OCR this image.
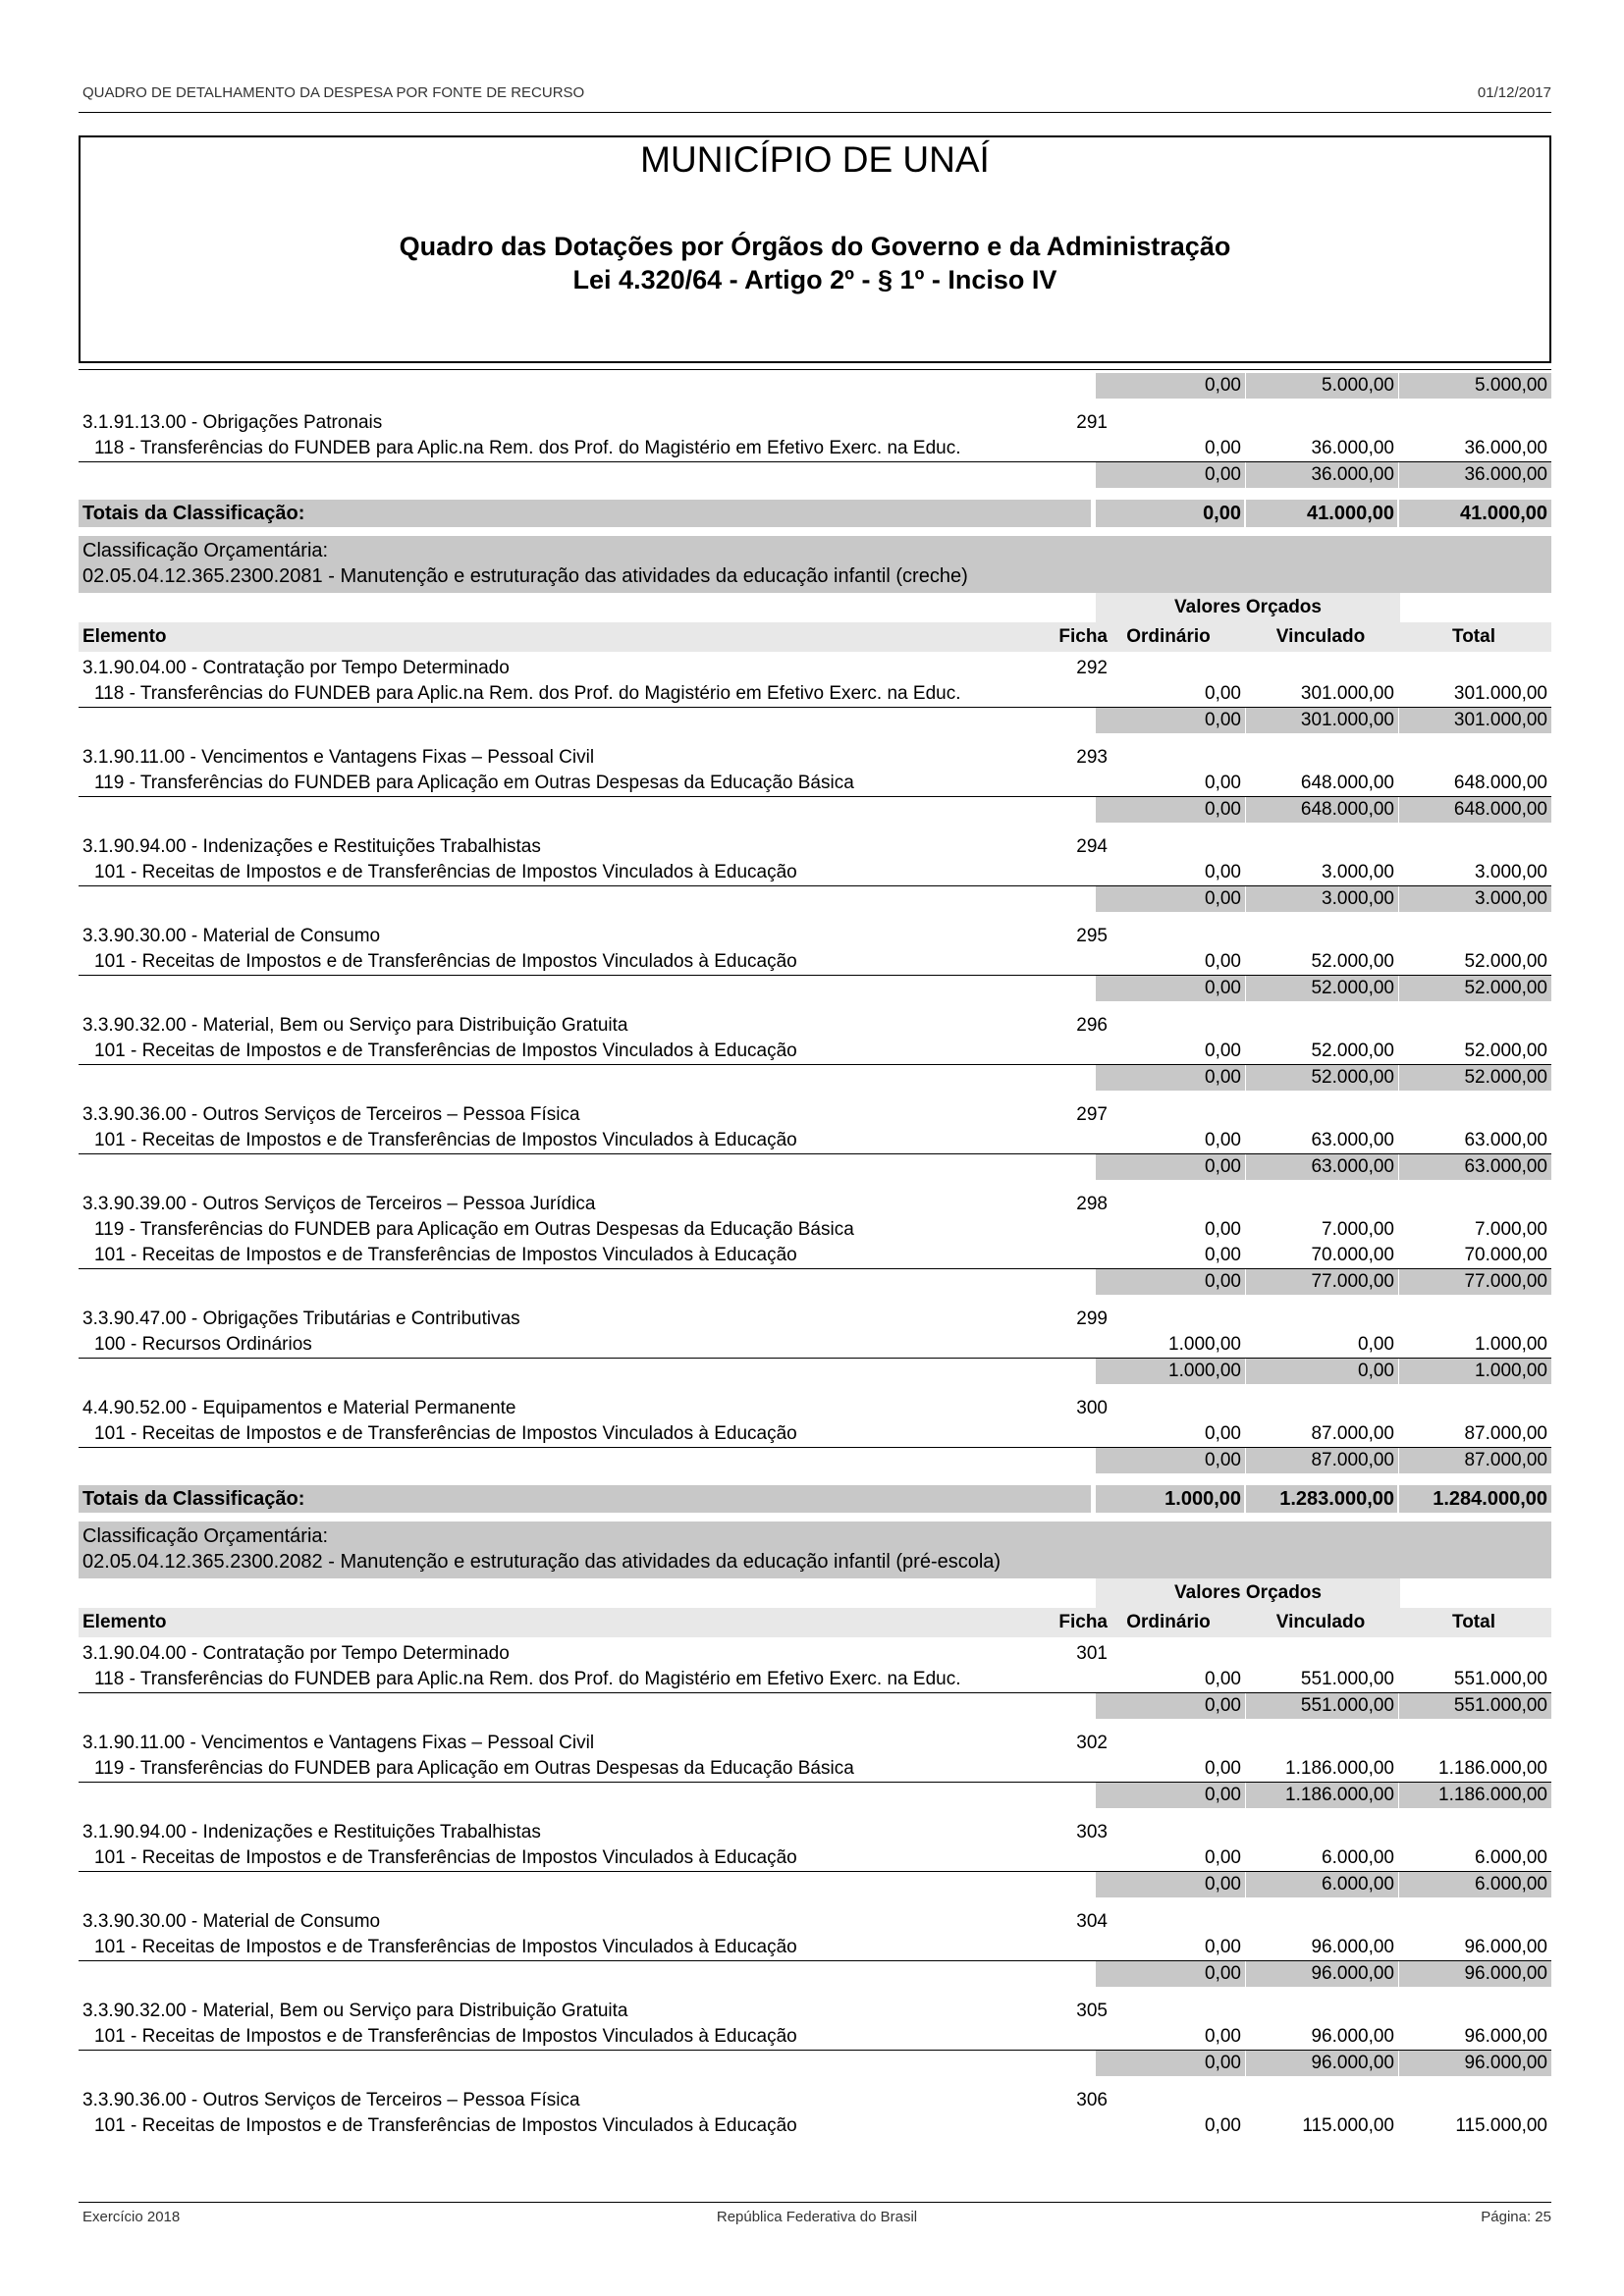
QUADRO DE DETALHAMENTO DA DESPESA POR FONTE DE RECURSO	01/12/2017
MUNICÍPIO DE UNAÍ
Quadro das Dotações por Órgãos do Governo e da Administração
Lei 4.320/64 - Artigo 2º - § 1º - Inciso IV
0,00	5.000,00	5.000,00
3.1.91.13.00 - Obrigações Patronais	291
118 - Transferências do FUNDEB para Aplic.na Rem. dos Prof. do Magistério em Efetivo Exerc. na Educ.	0,00	36.000,00	36.000,00
0,00	36.000,00	36.000,00
Totais da Classificação:	0,00	41.000,00	41.000,00
Classificação Orçamentária:
02.05.04.12.365.2300.2081 - Manutenção e estruturação das atividades da educação infantil (creche)
Valores Orçados
Elemento	Ficha	Ordinário	Vinculado	Total
3.1.90.04.00 - Contratação por Tempo Determinado	292
118 - Transferências do FUNDEB para Aplic.na Rem. dos Prof. do Magistério em Efetivo Exerc. na Educ.	0,00	301.000,00	301.000,00
0,00	301.000,00	301.000,00
3.1.90.11.00 - Vencimentos e Vantagens Fixas – Pessoal Civil	293
119 - Transferências do FUNDEB para Aplicação em Outras Despesas da Educação Básica	0,00	648.000,00	648.000,00
0,00	648.000,00	648.000,00
3.1.90.94.00 - Indenizações e Restituições Trabalhistas	294
101 - Receitas de Impostos e de Transferências de Impostos Vinculados à Educação	0,00	3.000,00	3.000,00
0,00	3.000,00	3.000,00
3.3.90.30.00 - Material de Consumo	295
101 - Receitas de Impostos e de Transferências de Impostos Vinculados à Educação	0,00	52.000,00	52.000,00
0,00	52.000,00	52.000,00
3.3.90.32.00 - Material, Bem ou Serviço para Distribuição Gratuita	296
101 - Receitas de Impostos e de Transferências de Impostos Vinculados à Educação	0,00	52.000,00	52.000,00
0,00	52.000,00	52.000,00
3.3.90.36.00 - Outros Serviços de Terceiros – Pessoa Física	297
101 - Receitas de Impostos e de Transferências de Impostos Vinculados à Educação	0,00	63.000,00	63.000,00
0,00	63.000,00	63.000,00
3.3.90.39.00 - Outros Serviços de Terceiros – Pessoa Jurídica	298
119 - Transferências do FUNDEB para Aplicação em Outras Despesas da Educação Básica	0,00	7.000,00	7.000,00
101 - Receitas de Impostos e de Transferências de Impostos Vinculados à Educação	0,00	70.000,00	70.000,00
0,00	77.000,00	77.000,00
3.3.90.47.00 - Obrigações Tributárias e Contributivas	299
100 - Recursos Ordinários	1.000,00	0,00	1.000,00
1.000,00	0,00	1.000,00
4.4.90.52.00 - Equipamentos e Material Permanente	300
101 - Receitas de Impostos e de Transferências de Impostos Vinculados à Educação	0,00	87.000,00	87.000,00
0,00	87.000,00	87.000,00
Totais da Classificação:	1.000,00	1.283.000,00	1.284.000,00
Classificação Orçamentária:
02.05.04.12.365.2300.2082 - Manutenção e estruturação das atividades da educação infantil (pré-escola)
Valores Orçados
Elemento	Ficha	Ordinário	Vinculado	Total
3.1.90.04.00 - Contratação por Tempo Determinado	301
118 - Transferências do FUNDEB para Aplic.na Rem. dos Prof. do Magistério em Efetivo Exerc. na Educ.	0,00	551.000,00	551.000,00
0,00	551.000,00	551.000,00
3.1.90.11.00 - Vencimentos e Vantagens Fixas – Pessoal Civil	302
119 - Transferências do FUNDEB para Aplicação em Outras Despesas da Educação Básica	0,00	1.186.000,00	1.186.000,00
0,00	1.186.000,00	1.186.000,00
3.1.90.94.00 - Indenizações e Restituições Trabalhistas	303
101 - Receitas de Impostos e de Transferências de Impostos Vinculados à Educação	0,00	6.000,00	6.000,00
0,00	6.000,00	6.000,00
3.3.90.30.00 - Material de Consumo	304
101 - Receitas de Impostos e de Transferências de Impostos Vinculados à Educação	0,00	96.000,00	96.000,00
0,00	96.000,00	96.000,00
3.3.90.32.00 - Material, Bem ou Serviço para Distribuição Gratuita	305
101 - Receitas de Impostos e de Transferências de Impostos Vinculados à Educação	0,00	96.000,00	96.000,00
0,00	96.000,00	96.000,00
3.3.90.36.00 - Outros Serviços de Terceiros – Pessoa Física	306
101 - Receitas de Impostos e de Transferências de Impostos Vinculados à Educação	0,00	115.000,00	115.000,00
Exercício 2018	República Federativa do Brasil	Página: 25
